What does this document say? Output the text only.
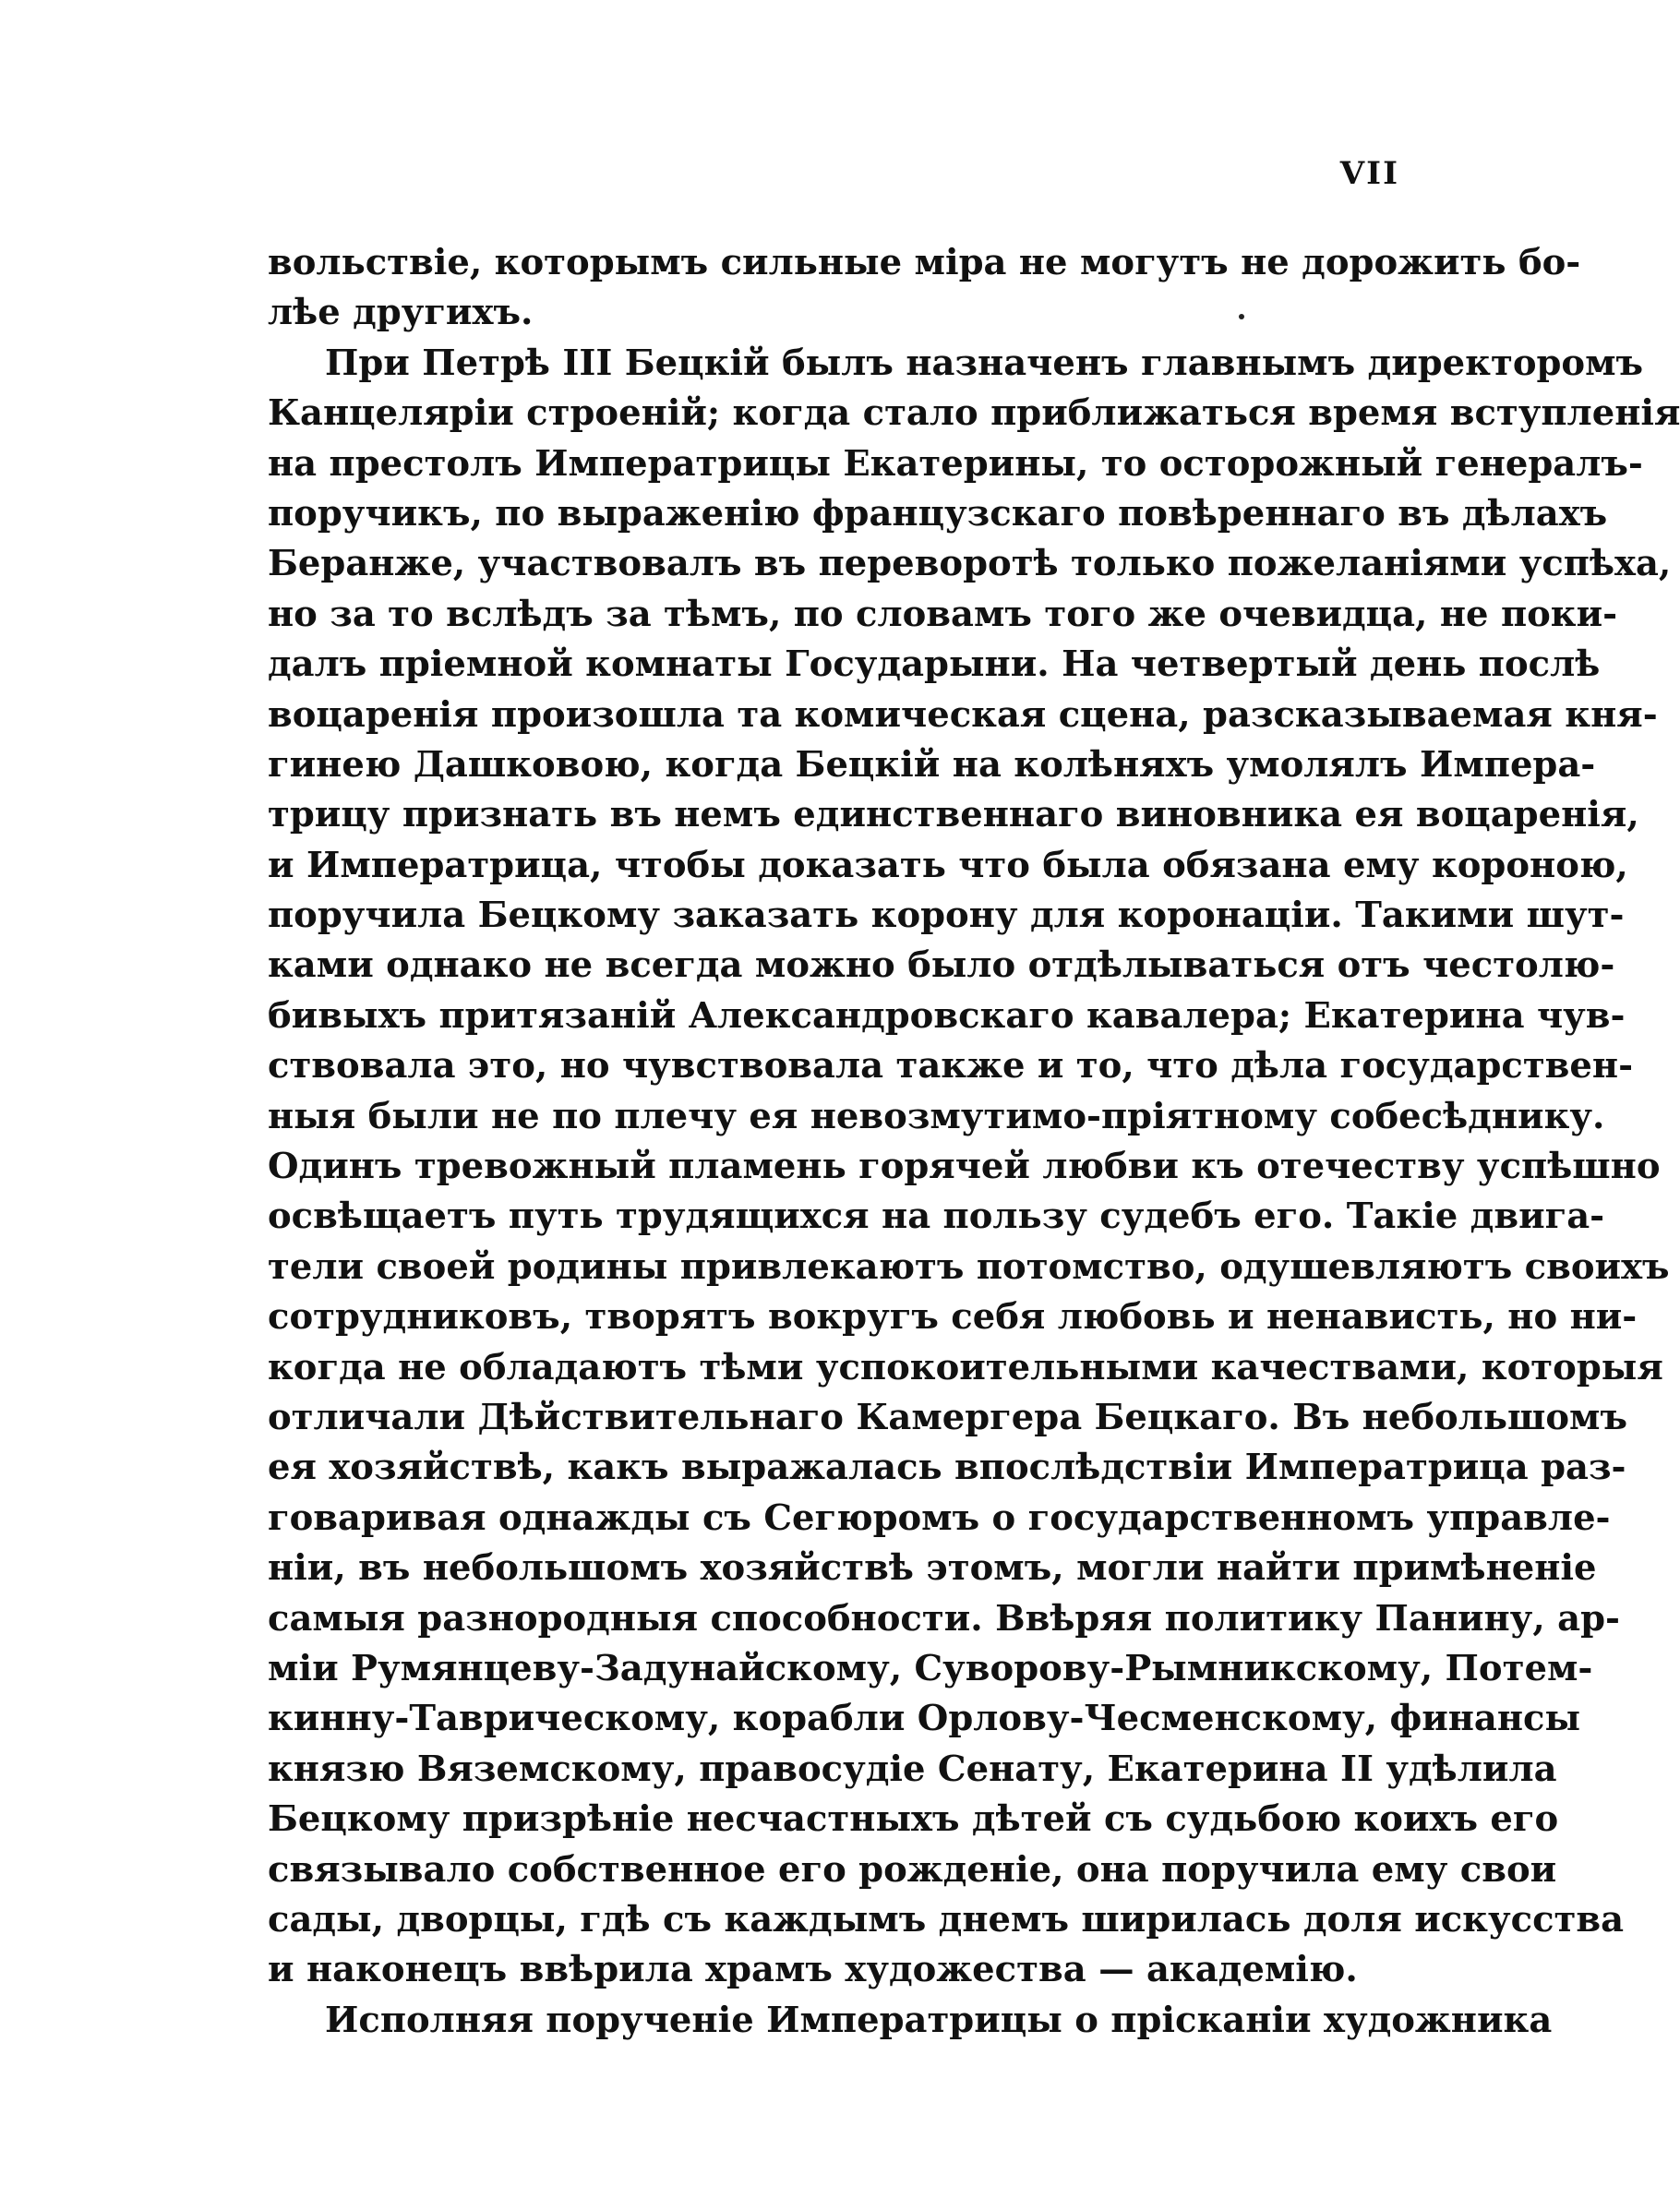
VII
вольствіе, которымъ сильные міра не могутъ не дорожить бо-
лѣе другихъ.
При Петрѣ III Бецкій былъ назначенъ главнымъ директоромъ
Канцеляріи строеній; когда стало приближаться время вступленія
на престолъ Императрицы Екатерины, то осторожный генералъ-
поручикъ, по выраженію французскаго повѣреннаго въ дѣлахъ
Беранже, участвовалъ въ переворотѣ только пожеланіями успѣха,
но за то вслѣдъ за тѣмъ, по словамъ того же очевидца, не поки-
далъ пріемной комнаты Государыни. На четвертый день послѣ
воцаренія произошла та комическая сцена, разсказываемая кня-
гинею Дашковою, когда Бецкій на колѣняхъ умолялъ Импера-
трицу признать въ немъ единственнаго виновника ея воцаренія,
и Императрица, чтобы доказать что была обязана ему короною,
поручила Бецкому заказать корону для коронаціи. Такими шут-
ками однако не всегда можно было отдѣлываться отъ честолю-
бивыхъ притязаній Александровскаго кавалера; Екатерина чув-
ствовала это, но чувствовала также и то, что дѣла государствен-
ныя были не по плечу ея невозмутимо-пріятному собесѣднику.
Одинъ тревожный пламень горячей любви къ отечеству успѣшно
освѣщаетъ путь трудящихся на пользу судебъ его. Такіе двига-
тели своей родины привлекаютъ потомство, одушевляютъ своихъ
сотрудниковъ, творятъ вокругъ себя любовь и ненависть, но ни-
когда не обладаютъ тѣми успокоительными качествами, которыя
отличали Дѣйствительнаго Камергера Бецкаго. Въ небольшомъ
ея хозяйствѣ, какъ выражалась впослѣдствіи Императрица раз-
говаривая однажды съ Сегюромъ о государственномъ управле-
ніи, въ небольшомъ хозяйствѣ этомъ, могли найти примѣненіе
самыя разнородныя способности. Ввѣряя политику Панину, ар-
міи Румянцеву-Задунайскому, Суворову-Рымникскому, Потем-
кинну-Таврическому, корабли Орлову-Чесменскому, финансы
князю Вяземскому, правосудіе Сенату, Екатерина II удѣлила
Бецкому призрѣніе несчастныхъ дѣтей съ судьбою коихъ его
связывало собственное его рожденіе, она поручила ему свои
сады, дворцы, гдѣ съ каждымъ днемъ ширилась доля искусства
и наконецъ ввѣрила храмъ художества — академію.
Исполняя порученіе Императрицы о прісканіи художника
